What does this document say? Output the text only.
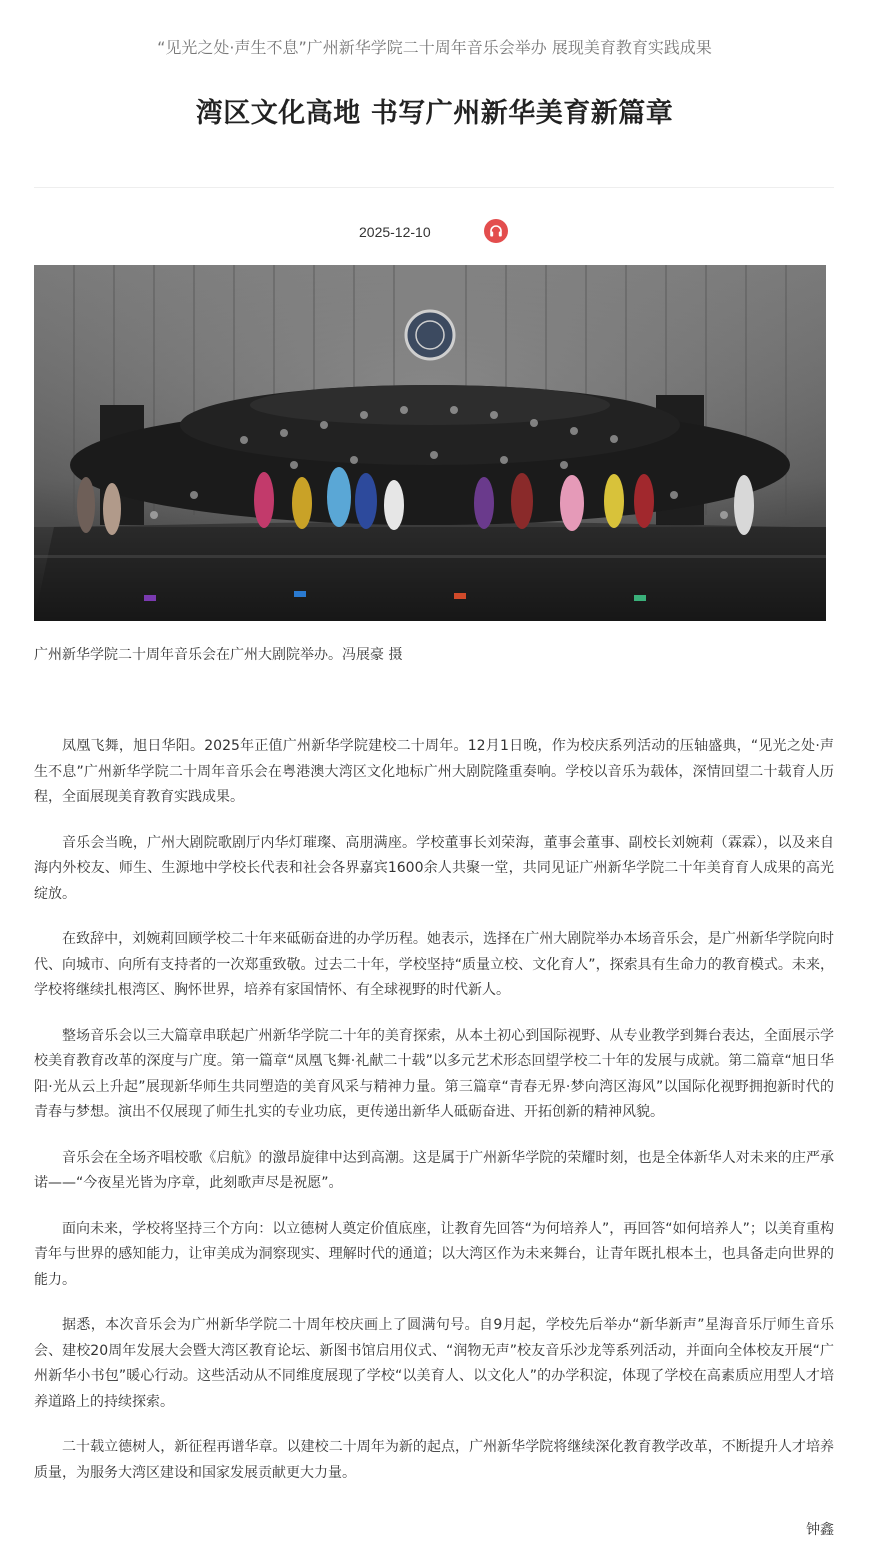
“见光之处·声生不息”广州新华学院二十周年音乐会举办 展现美育教育实践成果
湾区文化高地 书写广州新华美育新篇章
2025-12-10
广州新华学院二十周年音乐会在广州大剧院举办。冯展豪 摄

凤凰飞舞，旭日华阳。2025年正值广州新华学院建校二十周年。12月1日晚，作为校庆系列活动的压轴盛典，“见光之处·声生不息”广州新华学院二十周年音乐会在粤港澳大湾区文化地标广州大剧院隆重奏响。学校以音乐为载体，深情回望二十载育人历程，全面展现美育教育实践成果。

音乐会当晚，广州大剧院歌剧厅内华灯璀璨、高朋满座。学校董事长刘荣海，董事会董事、副校长刘婉莉（霖霖），以及来自海内外校友、师生、生源地中学校长代表和社会各界嘉宾1600余人共聚一堂，共同见证广州新华学院二十年美育育人成果的高光绽放。

在致辞中，刘婉莉回顾学校二十年来砥砺奋进的办学历程。她表示，选择在广州大剧院举办本场音乐会，是广州新华学院向时代、向城市、向所有支持者的一次郑重致敬。过去二十年，学校坚持“质量立校、文化育人”，探索具有生命力的教育模式。未来，学校将继续扎根湾区、胸怀世界，培养有家国情怀、有全球视野的时代新人。

整场音乐会以三大篇章串联起广州新华学院二十年的美育探索，从本土初心到国际视野、从专业教学到舞台表达，全面展示学校美育教育改革的深度与广度。第一篇章“凤凰飞舞·礼献二十载”以多元艺术形态回望学校二十年的发展与成就。第二篇章“旭日华阳·光从云上升起”展现新华师生共同塑造的美育风采与精神力量。第三篇章“青春无界·梦向湾区海风”以国际化视野拥抱新时代的青春与梦想。演出不仅展现了师生扎实的专业功底，更传递出新华人砥砺奋进、开拓创新的精神风貌。

音乐会在全场齐唱校歌《启航》的激昂旋律中达到高潮。这是属于广州新华学院的荣耀时刻，也是全体新华人对未来的庄严承诺——“今夜星光皆为序章，此刻歌声尽是祝愿”。

面向未来，学校将坚持三个方向：以立德树人奠定价值底座，让教育先回答“为何培养人”，再回答“如何培养人”；以美育重构青年与世界的感知能力，让审美成为洞察现实、理解时代的通道；以大湾区作为未来舞台，让青年既扎根本土，也具备走向世界的能力。

据悉，本次音乐会为广州新华学院二十周年校庆画上了圆满句号。自9月起，学校先后举办“新华新声”星海音乐厅师生音乐会、建校20周年发展大会暨大湾区教育论坛、新图书馆启用仪式、“润物无声”校友音乐沙龙等系列活动，并面向全体校友开展“广州新华小书包”暖心行动。这些活动从不同维度展现了学校“以美育人、以文化人”的办学积淀，体现了学校在高素质应用型人才培养道路上的持续探索。

二十载立德树人，新征程再谱华章。以建校二十周年为新的起点，广州新华学院将继续深化教育教学改革，不断提升人才培养质量，为服务大湾区建设和国家发展贡献更大力量。

钟鑫
